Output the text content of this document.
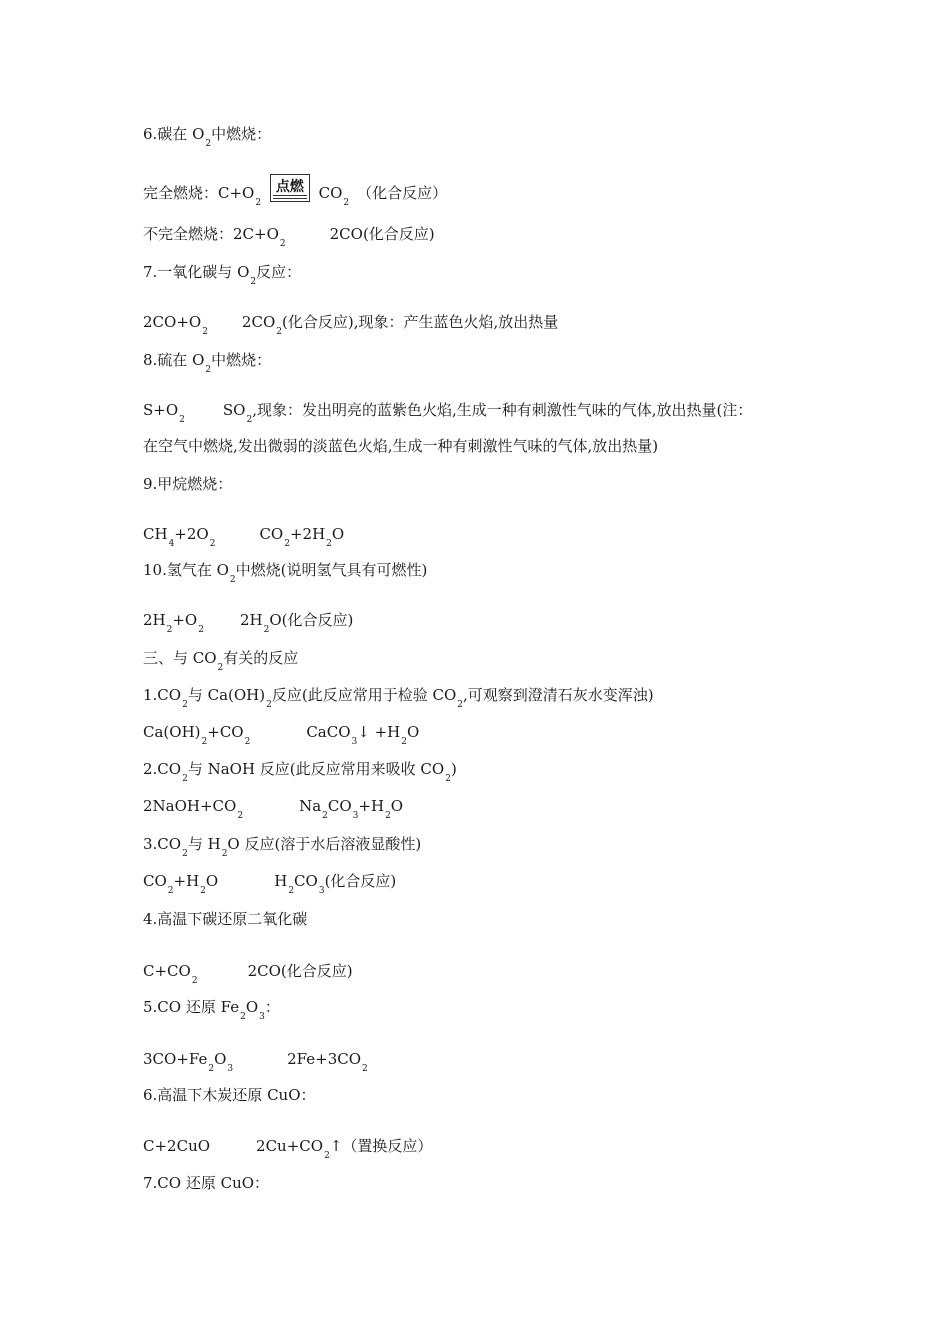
6.碳在 $O_2$中燃烧：
完全燃烧：$C+O_2$
点燃 $CO_2$（化合反应）
不完全燃烧：$2C+O_22CO$(化合反应)
7.一氧化碳与 $O_2$反应：
$2CO+O_22CO_2$(化合反应),现象：产生蓝色火焰,放出热量
8.硫在 $O_2$中燃烧：
$S+O_2SO_2$,现象：发出明亮的蓝紫色火焰,生成一种有刺激性气味的气体,放出热量(注：
在空气中燃烧,发出微弱的淡蓝色火焰,生成一种有刺激性气味的气体,放出热量)
9.甲烷燃烧：
$CH_4+2O_2CO_2+2H_2O$
10.氢气在 $O_2$中燃烧(说明氢气具有可燃性)
$2H_2+O_22H_2O$(化合反应)
三、与 $CO_2$有关的反应
$1.CO_2$与 $Ca(OH)_2$反应(此反应常用于检验 $CO_2$,可观察到澄清石灰水变浑浊)
$Ca(OH)_2+CO_2CaCO_3↓ +H_2O$
$2.CO_2$与 NaOH 反应(此反应常用来吸收 $CO_2$)
$2NaOH+CO_2Na_2CO_3+H_2O$
$3.CO_2$与 $H_2O$ 反应(溶于水后溶液显酸性)
$CO_2+H_2O$	$H_2CO_3$(化合反应)
4.高温下碳还原二氧化碳
$C+CO_22CO$(化合反应)
5.CO 还原 $Fe_2O_3$：
$3CO+Fe_2O_32Fe+3CO_2$
6.高温下木炭还原 CuO：
C+2CuO	$2Cu+CO_2↑$（置换反应）
7.CO 还原 CuO：
